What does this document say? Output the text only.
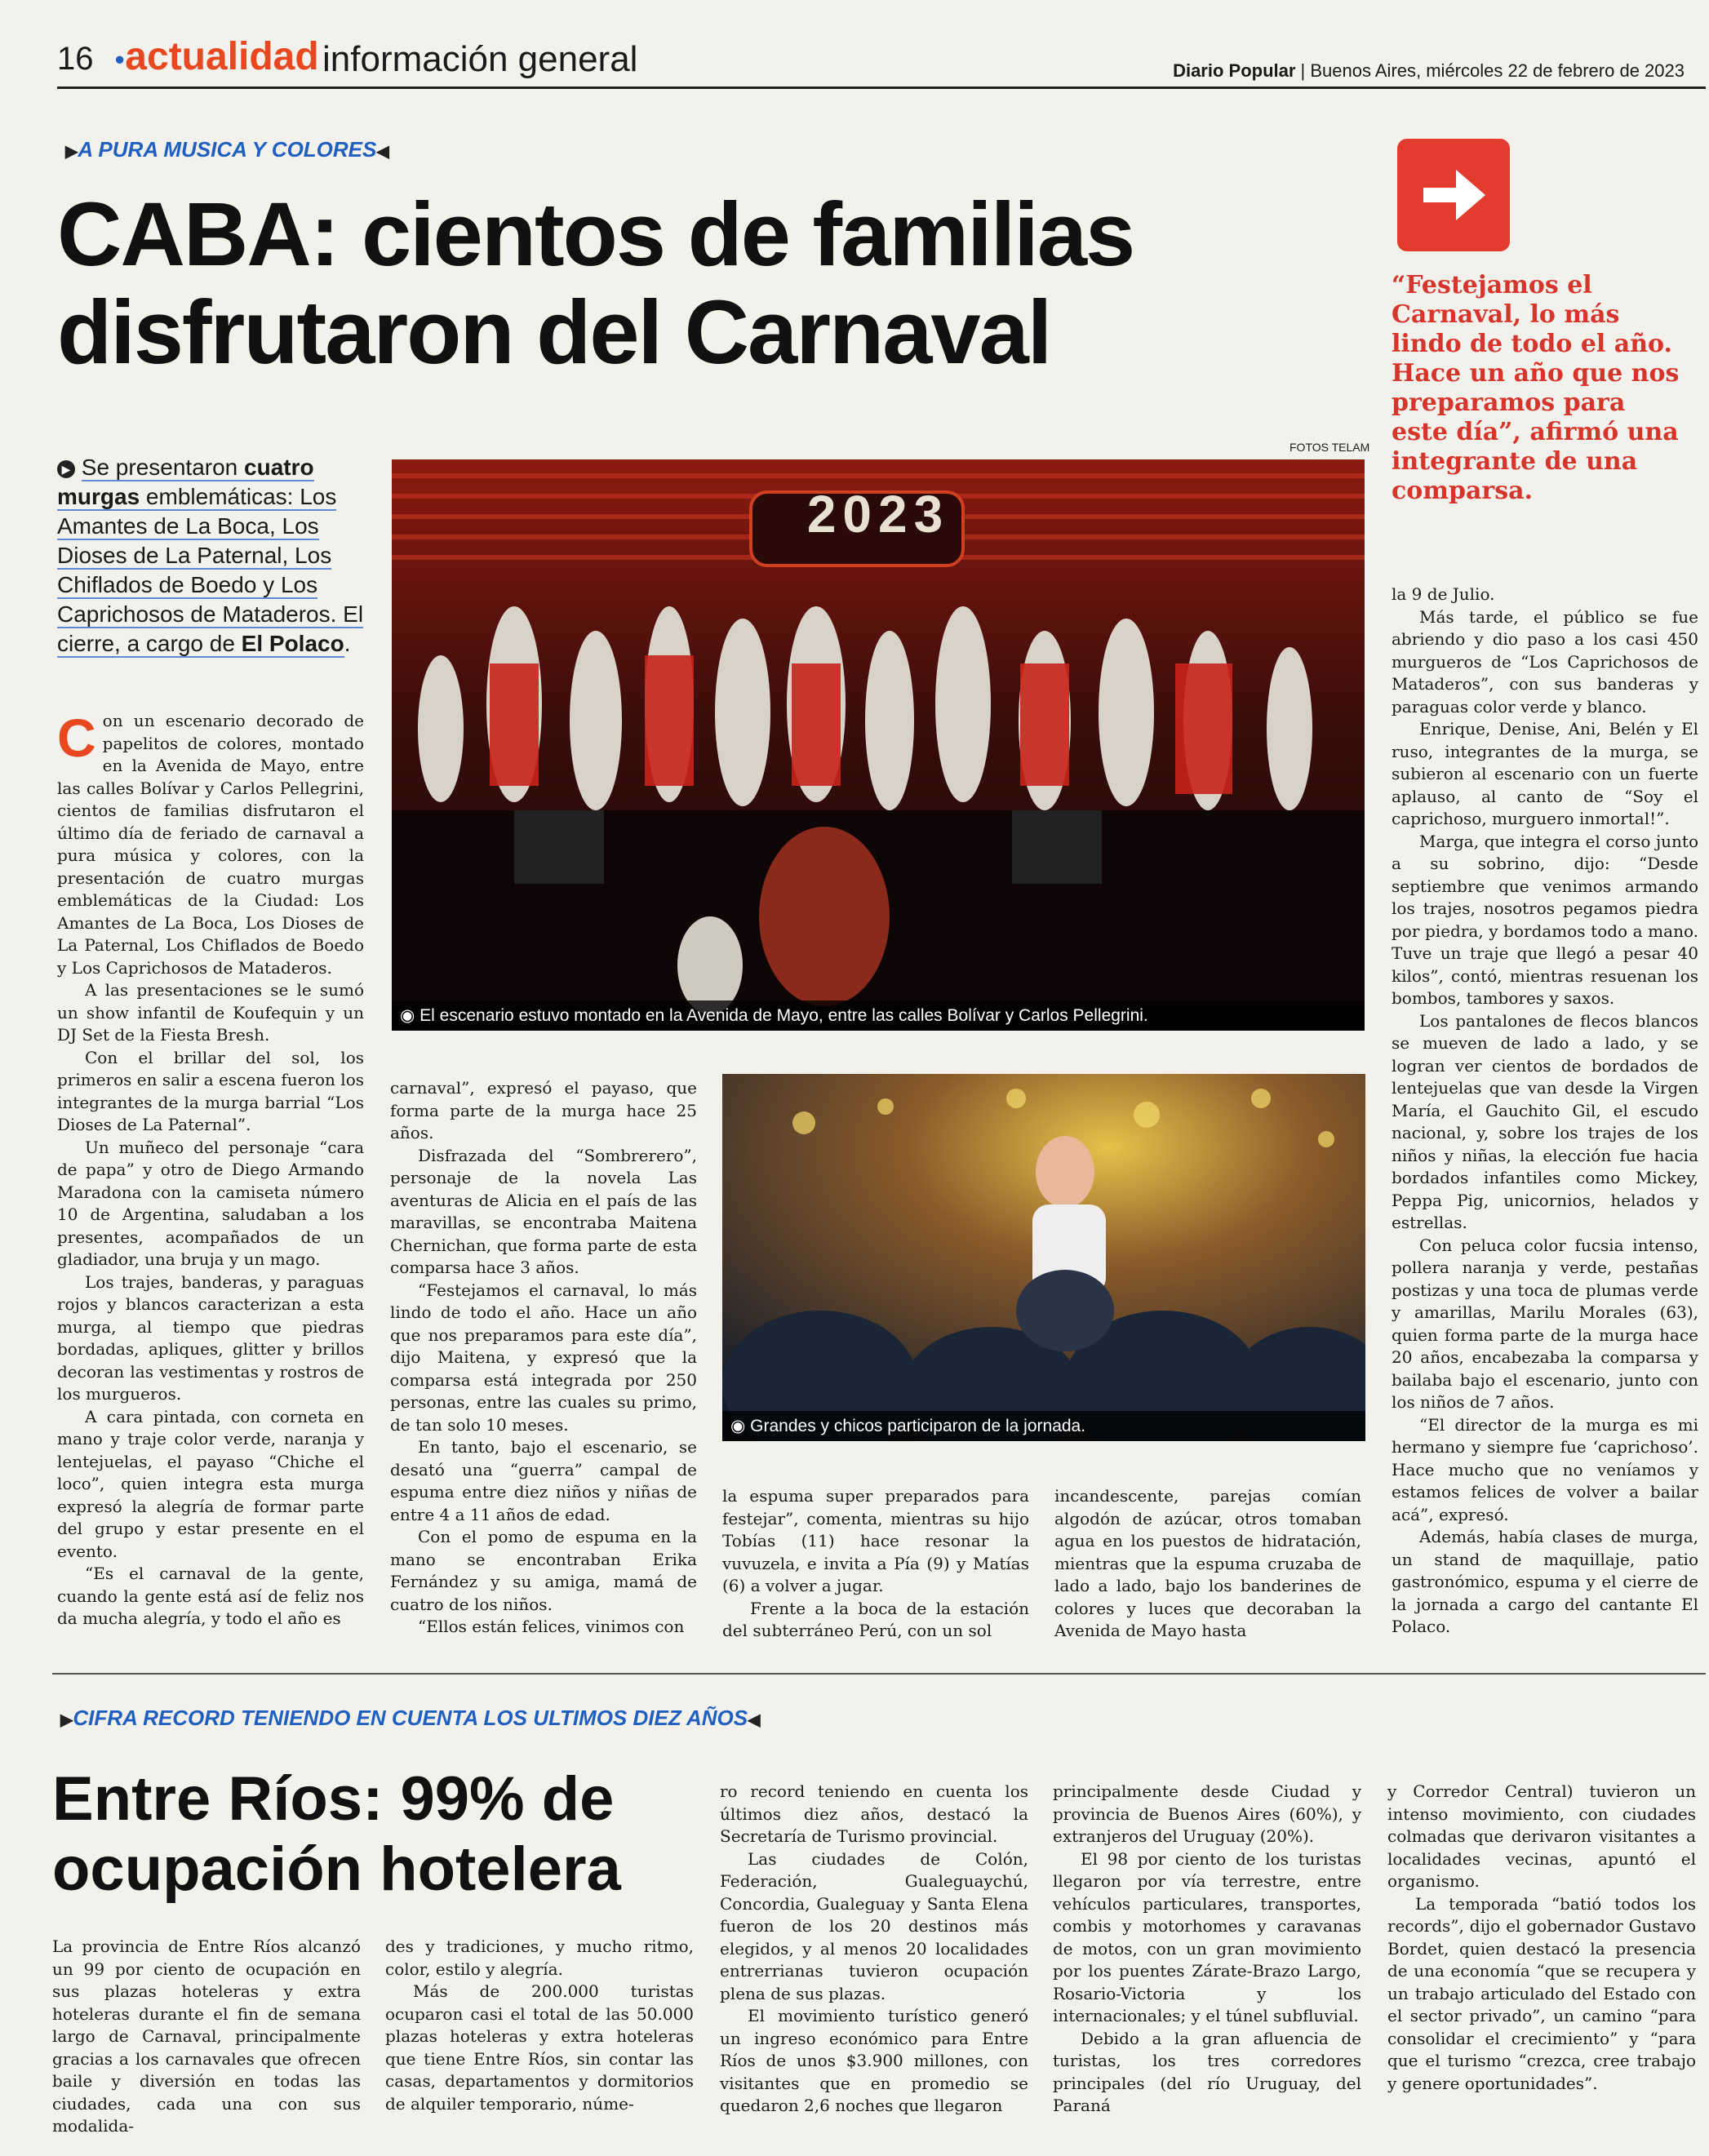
16 ●actualidad información general	Diario Popular | Buenos Aires, miércoles 22 de febrero de 2023
▶A PURA MUSICA Y COLORES◀
CABA: cientos de familias disfrutaron del Carnaval	“Festejamos el Carnaval, lo más lindo de todo el año. Hace un año que nos preparamos para este día”, afirmó una integrante de una comparsa.
▶ Se presentaron cuatro murgas emblemáticas: Los Amantes de La Boca, Los Dioses de La Paternal, Los Chiflados de Boedo y Los Caprichosos de Mataderos. El cierre, a cargo de El Polaco.
FOTOS TELAM
2023
◉ El escenario estuvo montado en la Avenida de Mayo, entre las calles Bolívar y Carlos Pellegrini.
◉ Grandes y chicos participaron de la jornada.

Con un escenario decorado de papelitos de colores, montado en la Avenida de Mayo, entre las calles Bolívar y Carlos Pellegrini, cientos de familias disfrutaron el último día de feriado de carnaval a pura música y colores, con la presentación de cuatro murgas emblemáticas de la Ciudad: Los Amantes de La Boca, Los Dioses de La Paternal, Los Chiflados de Boedo y Los Caprichosos de Mataderos.

A las presentaciones se le sumó un show infantil de Koufequin y un DJ Set de la Fiesta Bresh.

Con el brillar del sol, los primeros en salir a escena fueron los integrantes de la murga barrial “Los Dioses de La Paternal”.

Un muñeco del personaje “cara de papa” y otro de Diego Armando Maradona con la camiseta número 10 de Argentina, saludaban a los presentes, acompañados de un gladiador, una bruja y un mago.

Los trajes, banderas, y paraguas rojos y blancos caracterizan a esta murga, al tiempo que piedras bordadas, apliques, glitter y brillos decoran las vestimentas y rostros de los murgueros.

A cara pintada, con corneta en mano y traje color verde, naranja y lentejuelas, el payaso “Chiche el loco”, quien integra esta murga expresó la alegría de formar parte del grupo y estar presente en el evento.

“Es el carnaval de la gente, cuando la gente está así de feliz nos da mucha alegría, y todo el año es

carnaval”, expresó el payaso, que forma parte de la murga hace 25 años.

Disfrazada del “Sombrerero”, personaje de la novela Las aventuras de Alicia en el país de las maravillas, se encontraba Maitena Chernichan, que forma parte de esta comparsa hace 3 años.

“Festejamos el carnaval, lo más lindo de todo el año. Hace un año que nos preparamos para este día”, dijo Maitena, y expresó que la comparsa está integrada por 250 personas, entre las cuales su primo, de tan solo 10 meses.

En tanto, bajo el escenario, se desató una “guerra” campal de espuma entre diez niños y niñas de entre 4 a 11 años de edad.

Con el pomo de espuma en la mano se encontraban Erika Fernández y su amiga, mamá de cuatro de los niños.

“Ellos están felices, vinimos con

la espuma super preparados para festejar”, comenta, mientras su hijo Tobías (11) hace resonar la vuvuzela, e invita a Pía (9) y Matías (6) a volver a jugar.

Frente a la boca de la estación del subterráneo Perú, con un sol

incandescente, parejas comían algodón de azúcar, otros tomaban agua en los puestos de hidratación, mientras que la espuma cruzaba de lado a lado, bajo los banderines de colores y luces que decoraban la Avenida de Mayo hasta

la 9 de Julio.

Más tarde, el público se fue abriendo y dio paso a los casi 450 murgueros de “Los Caprichosos de Mataderos”, con sus banderas y paraguas color verde y blanco.

Enrique, Denise, Ani, Belén y El ruso, integrantes de la murga, se subieron al escenario con un fuerte aplauso, al canto de “Soy el caprichoso, murguero inmortal!”.

Marga, que integra el corso junto a su sobrino, dijo: “Desde septiembre que venimos armando los trajes, nosotros pegamos piedra por piedra, y bordamos todo a mano. Tuve un traje que llegó a pesar 40 kilos”, contó, mientras resuenan los bombos, tambores y saxos.

Los pantalones de flecos blancos se mueven de lado a lado, y se logran ver cientos de bordados de lentejuelas que van desde la Virgen María, el Gauchito Gil, el escudo nacional, y, sobre los trajes de los niños y niñas, la elección fue hacia bordados infantiles como Mickey, Peppa Pig, unicornios, helados y estrellas.

Con peluca color fucsia intenso, pollera naranja y verde, pestañas postizas y una toca de plumas verde y amarillas, Marilu Morales (63), quien forma parte de la murga hace 20 años, encabezaba la comparsa y bailaba bajo el escenario, junto con los niños de 7 años.

“El director de la murga es mi hermano y siempre fue ‘caprichoso’. Hace mucho que no veníamos y estamos felices de volver a bailar acá”, expresó.

Además, había clases de murga, un stand de maquillaje, patio gastronómico, espuma y el cierre de la jornada a cargo del cantante El Polaco.

▶CIFRA RECORD TENIENDO EN CUENTA LOS ULTIMOS DIEZ AÑOS◀
Entre Ríos: 99% de ocupación hotelera

La provincia de Entre Ríos alcanzó un 99 por ciento de ocupación en sus plazas hoteleras y extra hoteleras durante el fin de semana largo de Carnaval, principalmente gracias a los carnavales que ofrecen baile y diversión en todas las ciudades, cada una con sus modalida-

des y tradiciones, y mucho ritmo, color, estilo y alegría.

Más de 200.000 turistas ocuparon casi el total de las 50.000 plazas hoteleras y extra hoteleras que tiene Entre Ríos, sin contar las casas, departamentos y dormitorios de alquiler temporario, núme-

ro record teniendo en cuenta los últimos diez años, destacó la Secretaría de Turismo provincial.

Las ciudades de Colón, Federación, Gualeguaychú, Concordia, Gualeguay y Santa Elena fueron de los 20 destinos más elegidos, y al menos 20 localidades entrerrianas tuvieron ocupación plena de sus plazas.

El movimiento turístico generó un ingreso económico para Entre Ríos de unos $3.900 millones, con visitantes que en promedio se quedaron 2,6 noches que llegaron

principalmente desde Ciudad y provincia de Buenos Aires (60%), y extranjeros del Uruguay (20%).

El 98 por ciento de los turistas llegaron por vía terrestre, entre vehículos particulares, transportes, combis y motorhomes y caravanas de motos, con un gran movimiento por los puentes Zárate-Brazo Largo, Rosario-Victoria y los internacionales; y el túnel subfluvial.

Debido a la gran afluencia de turistas, los tres corredores principales (del río Uruguay, del Paraná

y Corredor Central) tuvieron un intenso movimiento, con ciudades colmadas que derivaron visitantes a localidades vecinas, apuntó el organismo.

La temporada “batió todos los records”, dijo el gobernador Gustavo Bordet, quien destacó la presencia de una economía “que se recupera y un trabajo articulado del Estado con el sector privado”, un camino “para consolidar el crecimiento” y “para que el turismo “crezca, cree trabajo y genere oportunidades”.
